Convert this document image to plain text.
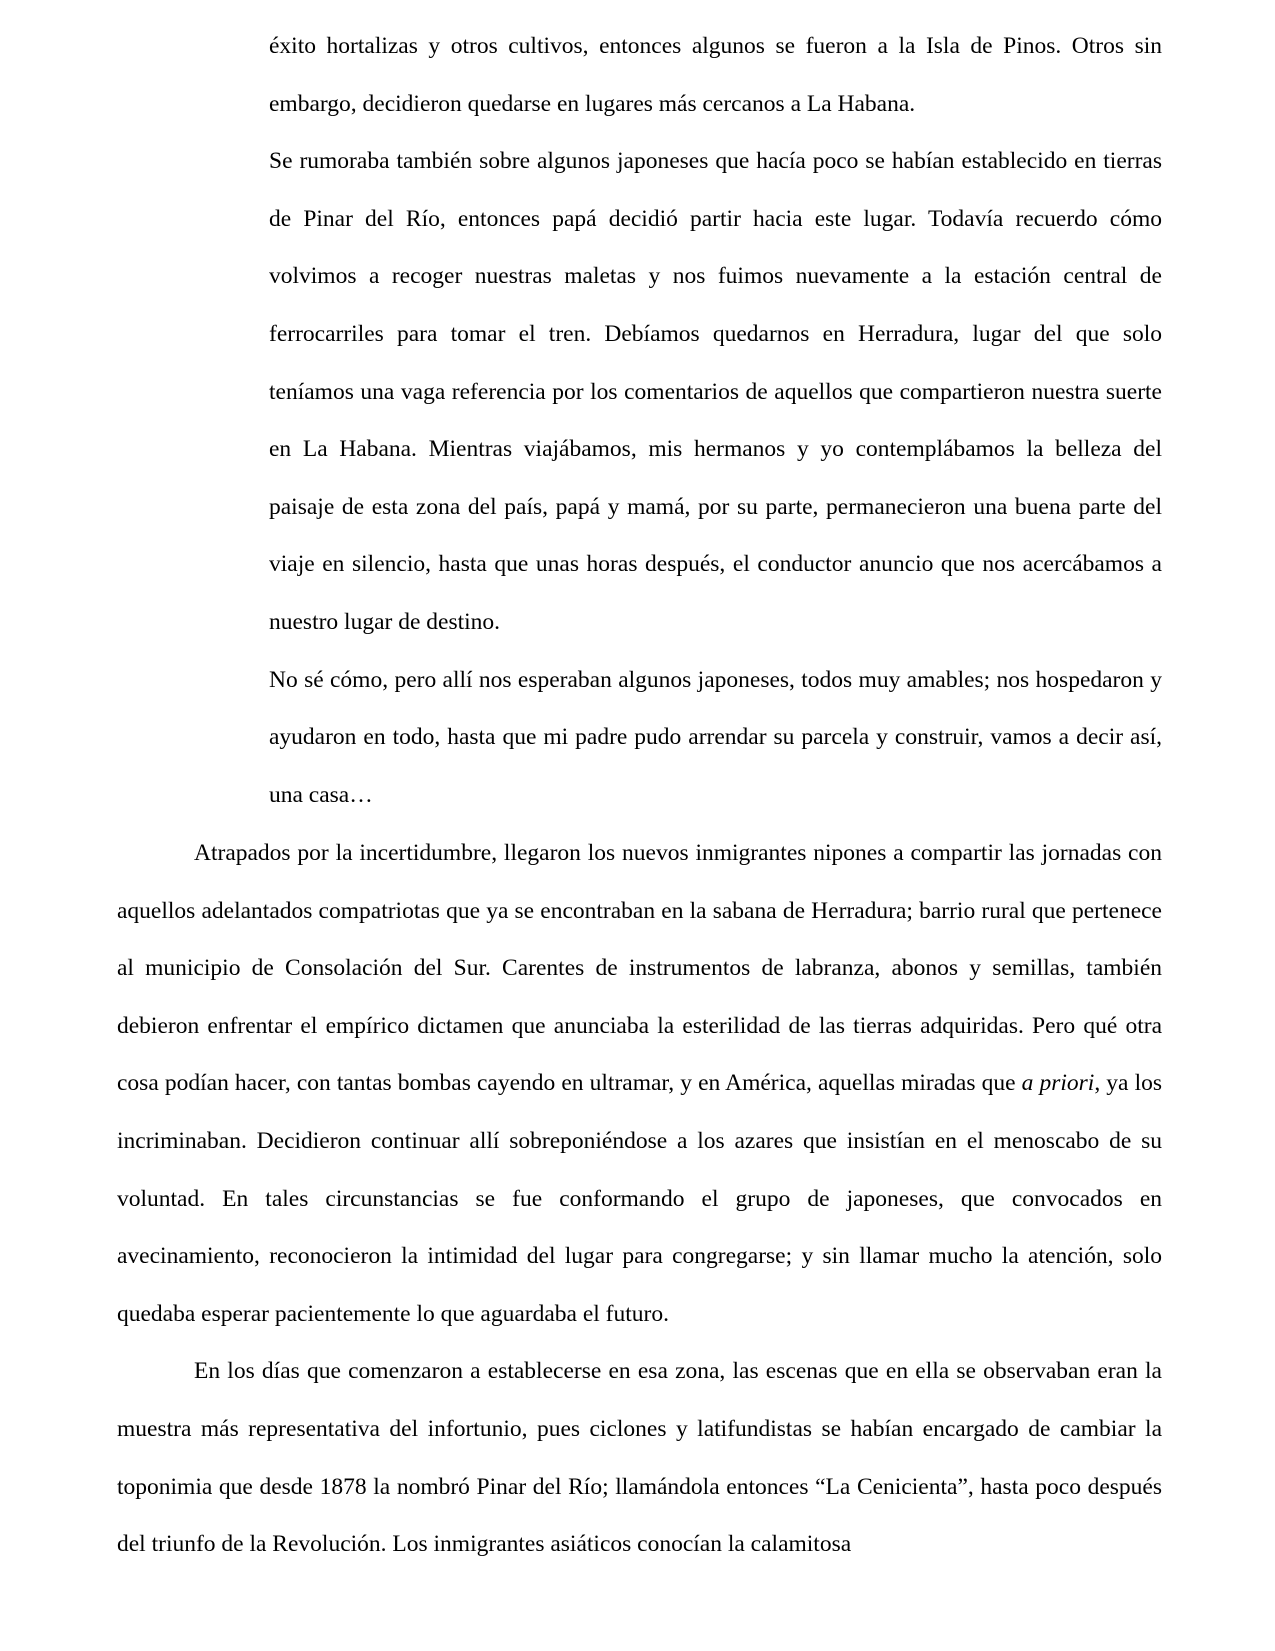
éxito hortalizas y otros cultivos, entonces algunos se fueron a la Isla de Pinos. Otros sin embargo, decidieron quedarse en lugares más cercanos a La Habana.

Se rumoraba también sobre algunos japoneses que hacía poco se habían establecido en tierras de Pinar del Río, entonces papá decidió partir hacia este lugar. Todavía recuerdo cómo volvimos a recoger nuestras maletas y nos fuimos nuevamente a la estación central de ferrocarriles para tomar el tren. Debíamos quedarnos en Herradura, lugar del que solo teníamos una vaga referencia por los comentarios de aquellos que compartieron nuestra suerte en La Habana. Mientras viajábamos, mis hermanos y yo contemplábamos la belleza del paisaje de esta zona del país, papá y mamá, por su parte, permanecieron una buena parte del viaje en silencio, hasta que unas horas después, el conductor anuncio que nos acercábamos a nuestro lugar de destino.

No sé cómo, pero allí nos esperaban algunos japoneses, todos muy amables; nos hospedaron y ayudaron en todo, hasta que mi padre pudo arrendar su parcela y construir, vamos a decir así, una casa…

Atrapados por la incertidumbre, llegaron los nuevos inmigrantes nipones a compartir las jornadas con aquellos adelantados compatriotas que ya se encontraban en la sabana de Herradura; barrio rural que pertenece al municipio de Consolación del Sur. Carentes de instrumentos de labranza, abonos y semillas, también debieron enfrentar el empírico dictamen que anunciaba la esterilidad de las tierras adquiridas. Pero qué otra cosa podían hacer, con tantas bombas cayendo en ultramar, y en América, aquellas miradas que a priori, ya los incriminaban. Decidieron continuar allí sobreponiéndose a los azares que insistían en el menoscabo de su voluntad. En tales circunstancias se fue conformando el grupo de japoneses, que convocados en avecinamiento, reconocieron la intimidad del lugar para congregarse; y sin llamar mucho la atención, solo quedaba esperar pacientemente lo que aguardaba el futuro.

En los días que comenzaron a establecerse en esa zona, las escenas que en ella se observaban eran la muestra más representativa del infortunio, pues ciclones y latifundistas se habían encargado de cambiar la toponimia que desde 1878 la nombró Pinar del Río; llamándola entonces “La Cenicienta”, hasta poco después del triunfo de la Revolución. Los inmigrantes asiáticos conocían la calamitosa
